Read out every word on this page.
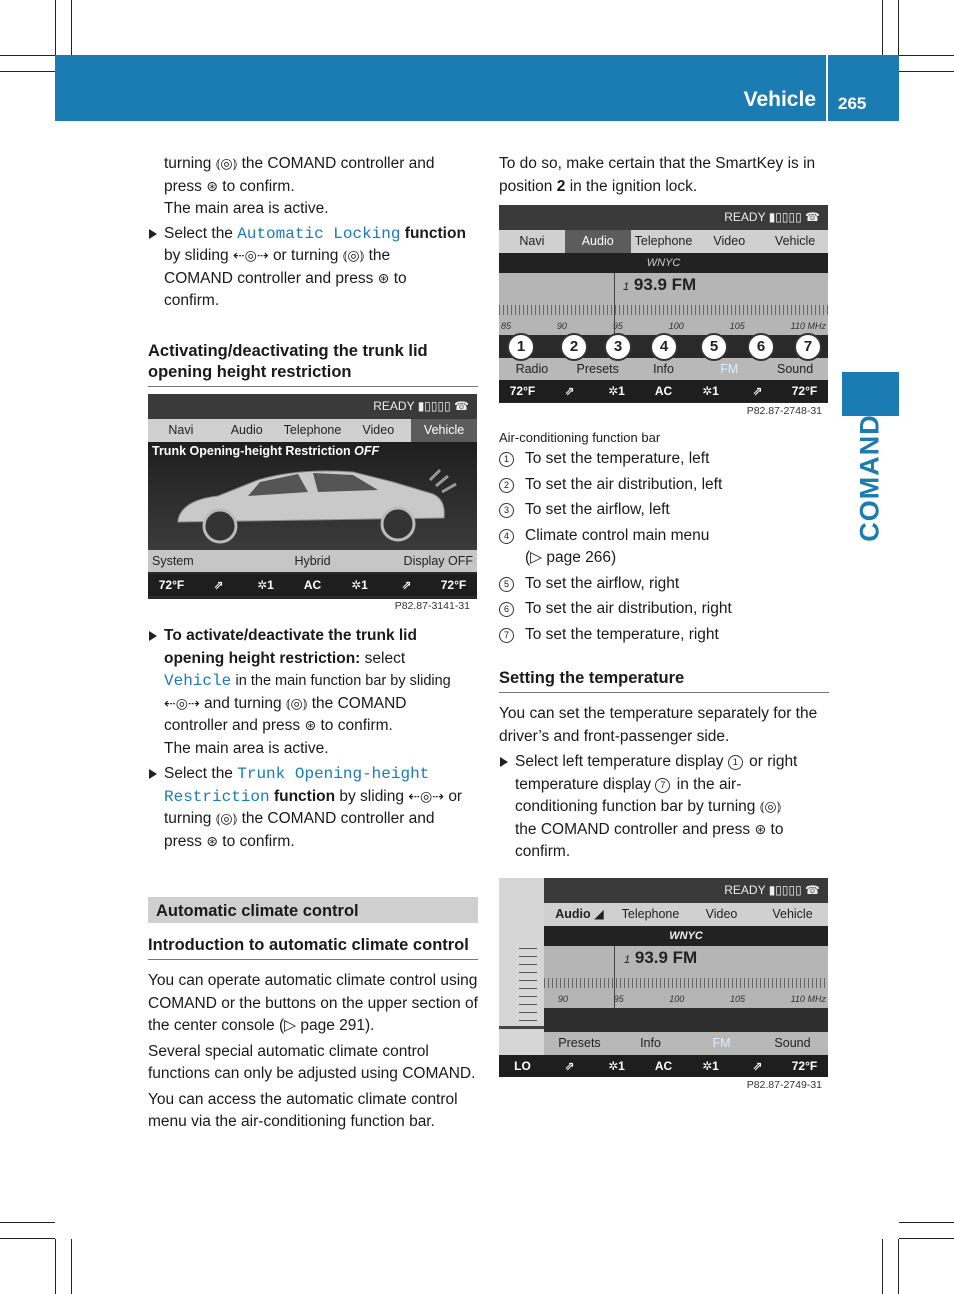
Vehicle 265
COMAND
turning ⦅◎⦆ the COMAND controller and
press ⊛ to confirm.
The main area is active.
Select the Automatic Locking function
by sliding ⇠◎⇢ or turning ⦅◎⦆ the
COMAND controller and press ⊛ to
confirm.
Activating/deactivating the trunk lid opening height restriction
READY ▮▯▯▯▯ ☎
Navi	Audio	Telephone	Video	Vehicle
Trunk Opening-height Restriction OFF
System	Hybrid	Display OFF
72°F	⇗	✲1	AC	✲1	⇗	72°F
P82.87-3141-31
To activate/deactivate the trunk lid opening height restriction: select
Vehicle in the main function bar by sliding
⇠◎⇢ and turning ⦅◎⦆ the COMAND
controller and press ⊛ to confirm.
The main area is active.
Select the Trunk Opening-height
Restriction function by sliding ⇠◎⇢ or
turning ⦅◎⦆ the COMAND controller and
press ⊛ to confirm.
Automatic climate control
Introduction to automatic climate control

You can operate automatic climate control using COMAND or the buttons on the upper section of the center console (▷ page 291).

Several special automatic climate control functions can only be adjusted using COMAND.

You can access the automatic climate control menu via the air-conditioning function bar.

To do so, make certain that the SmartKey is in position 2 in the ignition lock.

READY ▮▯▯▯▯ ☎
Navi	Audio	Telephone	Video	Vehicle
WNYC
1 93.9 FM
85	90	95	100	105	110 MHz
Radio	Presets	Info	FM	Sound
72°F	⇗	✲1	AC	✲1	⇗	72°F
1	2	3	4	5	6	7
P82.87-2748-31
Air-conditioning function bar
1	To set the temperature, left
2	To set the air distribution, left
3	To set the airflow, left
4	Climate control main menu
(▷ page 266)
5	To set the airflow, right
6	To set the air distribution, right
7	To set the temperature, right
Setting the temperature

You can set the temperature separately for the driver’s and front-passenger side.

Select left temperature display 1 or right
temperature display 7 in the air-
conditioning function bar by turning ⦅◎⦆
the COMAND controller and press ⊛ to
confirm.
READY ▮▯▯▯▯ ☎
Audio ◢	Telephone	Video	Vehicle
WNYC
1 93.9 FM
90	95	100	105	110 MHz
Presets	Info	FM	Sound
LO	⇗	✲1	AC	✲1	⇗	72°F
P82.87-2749-31
